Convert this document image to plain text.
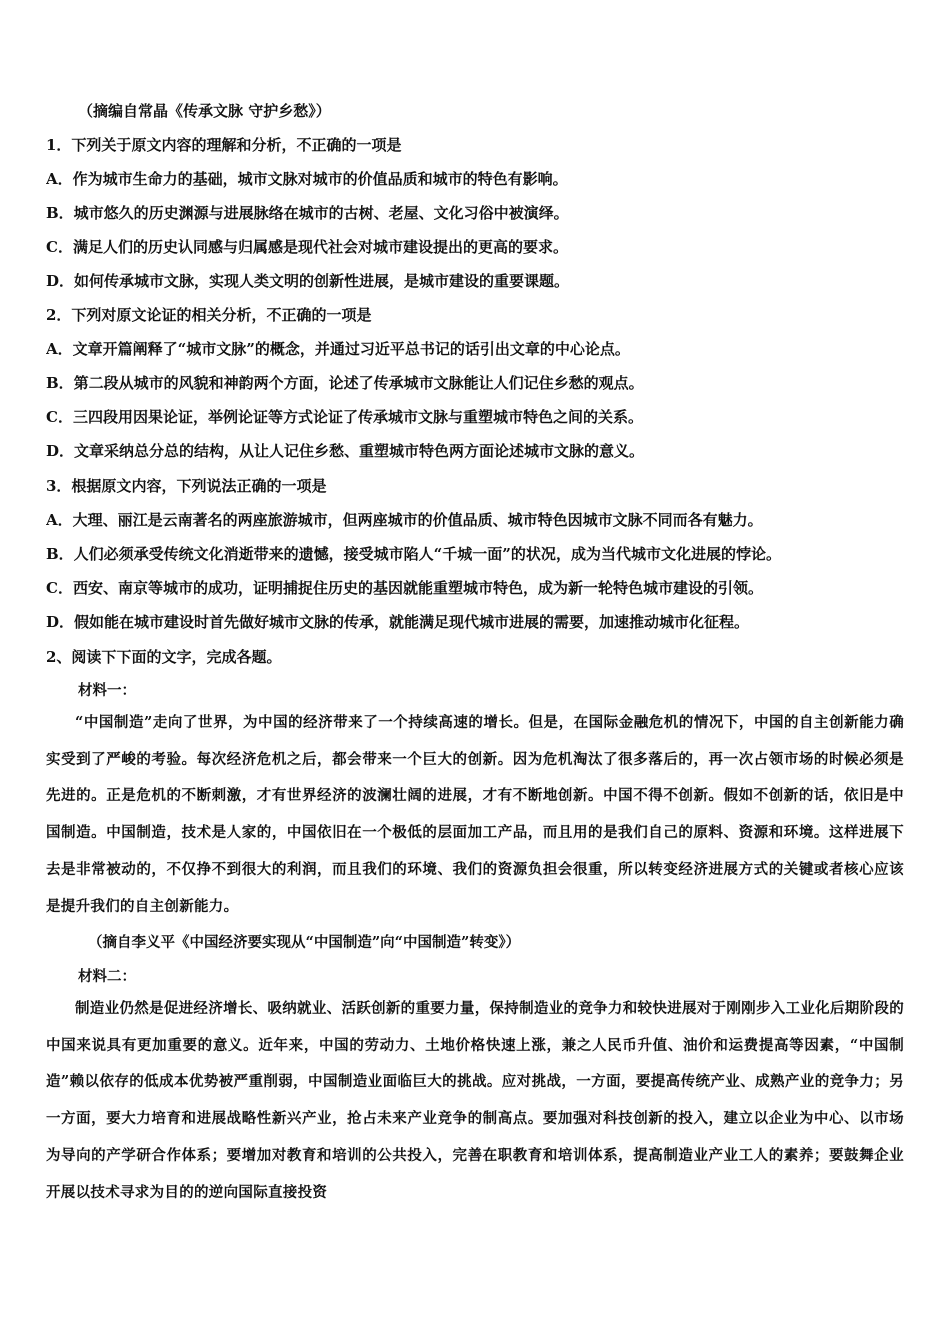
（摘编自常晶《传承文脉 守护乡愁》）
1．下列关于原文内容的理解和分析，不正确的一项是
A．作为城市生命力的基础，城市文脉对城市的价值品质和城市的特色有影响。
B．城市悠久的历史渊源与进展脉络在城市的古树、老屋、文化习俗中被演绎。
C．满足人们的历史认同感与归属感是现代社会对城市建设提出的更高的要求。
D．如何传承城市文脉，实现人类文明的创新性进展，是城市建设的重要课题。
2．下列对原文论证的相关分析，不正确的一项是
A．文章开篇阐释了“城市文脉”的概念，并通过习近平总书记的话引出文章的中心论点。
B．第二段从城市的风貌和神韵两个方面，论述了传承城市文脉能让人们记住乡愁的观点。
C．三四段用因果论证，举例论证等方式论证了传承城市文脉与重塑城市特色之间的关系。
D．文章采纳总分总的结构，从让人记住乡愁、重塑城市特色两方面论述城市文脉的意义。
3．根据原文内容，下列说法正确的一项是
A．大理、丽江是云南著名的两座旅游城市，但两座城市的价值品质、城市特色因城市文脉不同而各有魅力。
B．人们必须承受传统文化消逝带来的遗憾，接受城市陷人“千城一面”的状况，成为当代城市文化进展的悖论。
C．西安、南京等城市的成功，证明捕捉住历史的基因就能重塑城市特色，成为新一轮特色城市建设的引领。
D．假如能在城市建设时首先做好城市文脉的传承，就能满足现代城市进展的需要，加速推动城市化征程。
2、阅读下下面的文字，完成各题。
材料一：
“中国制造”走向了世界，为中国的经济带来了一个持续高速的增长。但是，在国际金融危机的情况下，中国的自主创新能力确实受到了严峻的考验。每次经济危机之后，都会带来一个巨大的创新。因为危机淘汰了很多落后的，再一次占领市场的时候必须是先进的。正是危机的不断刺激，才有世界经济的波澜壮阔的进展，才有不断地创新。中国不得不创新。假如不创新的话，依旧是中国制造。中国制造，技术是人家的，中国依旧在一个极低的层面加工产品，而且用的是我们自己的原料、资源和环境。这样进展下去是非常被动的，不仅挣不到很大的利润，而且我们的环境、我们的资源负担会很重，所以转变经济进展方式的关键或者核心应该是提升我们的自主创新能力。
（摘自李义平《中国经济要实现从“中国制造”向“中国制造”转变》）
材料二：
制造业仍然是促进经济增长、吸纳就业、活跃创新的重要力量，保持制造业的竞争力和较快进展对于刚刚步入工业化后期阶段的中国来说具有更加重要的意义。近年来，中国的劳动力、土地价格快速上涨，兼之人民币升值、油价和运费提高等因素，“中国制造”赖以依存的低成本优势被严重削弱，中国制造业面临巨大的挑战。应对挑战，一方面，要提高传统产业、成熟产业的竞争力；另一方面，要大力培育和进展战略性新兴产业，抢占未来产业竞争的制高点。要加强对科技创新的投入，建立以企业为中心、以市场为导向的产学研合作体系；要增加对教育和培训的公共投入，完善在职教育和培训体系，提高制造业产业工人的素养；要鼓舞企业开展以技术寻求为目的的逆向国际直接投资
